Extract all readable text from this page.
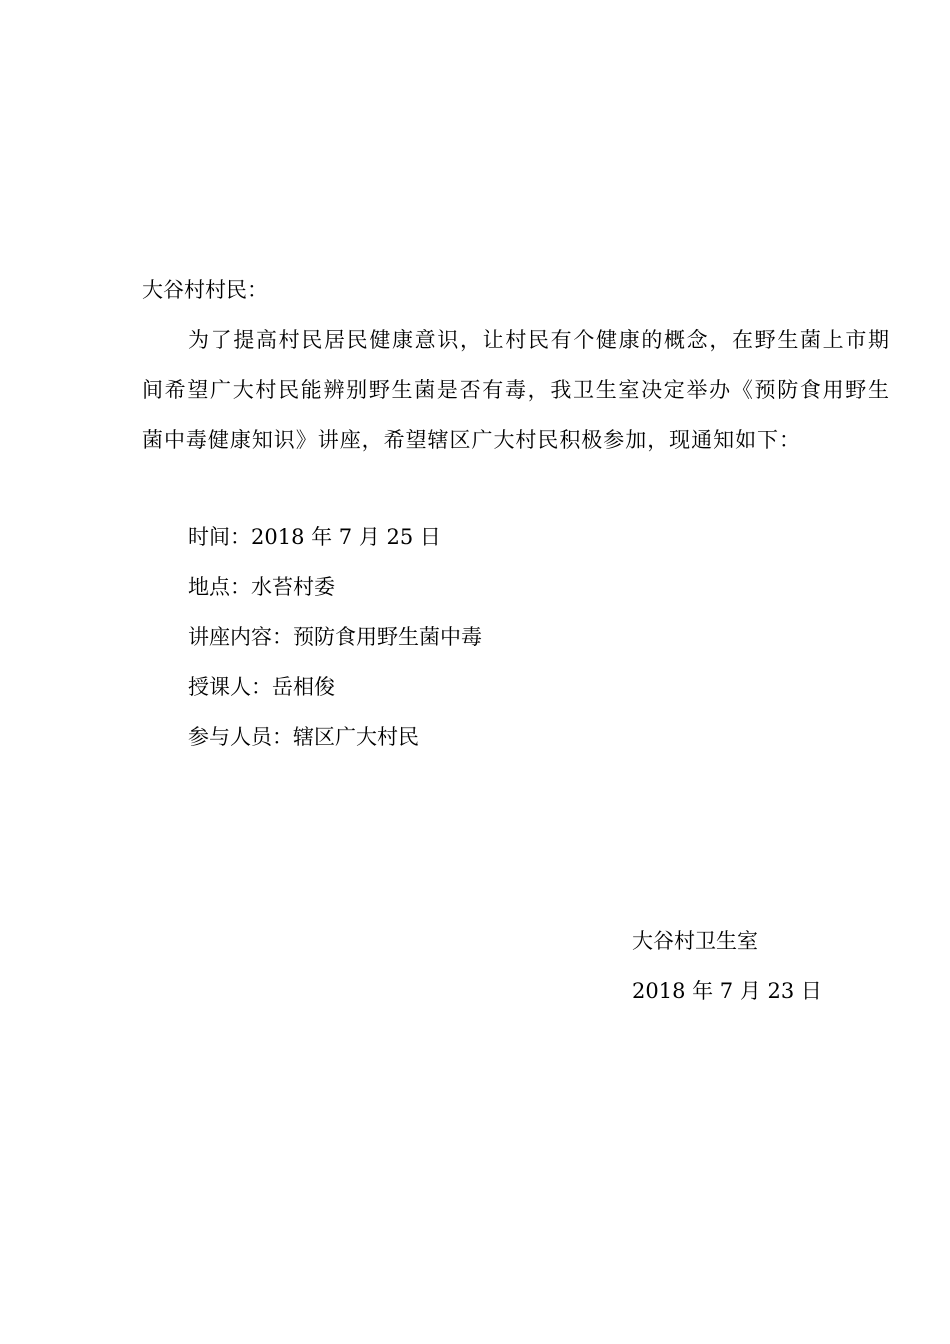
大谷村村民：
为了提高村民居民健康意识，让村民有个健康的概念，在野生菌上市期
间希望广大村民能辨别野生菌是否有毒，我卫生室决定举办《预防食用野生
菌中毒健康知识》讲座，希望辖区广大村民积极参加，现通知如下：
时间：2018 年 7 月 25 日
地点：水苔村委
讲座内容：预防食用野生菌中毒
授课人：岳相俊
参与人员：辖区广大村民
大谷村卫生室
2018 年 7 月 23 日
